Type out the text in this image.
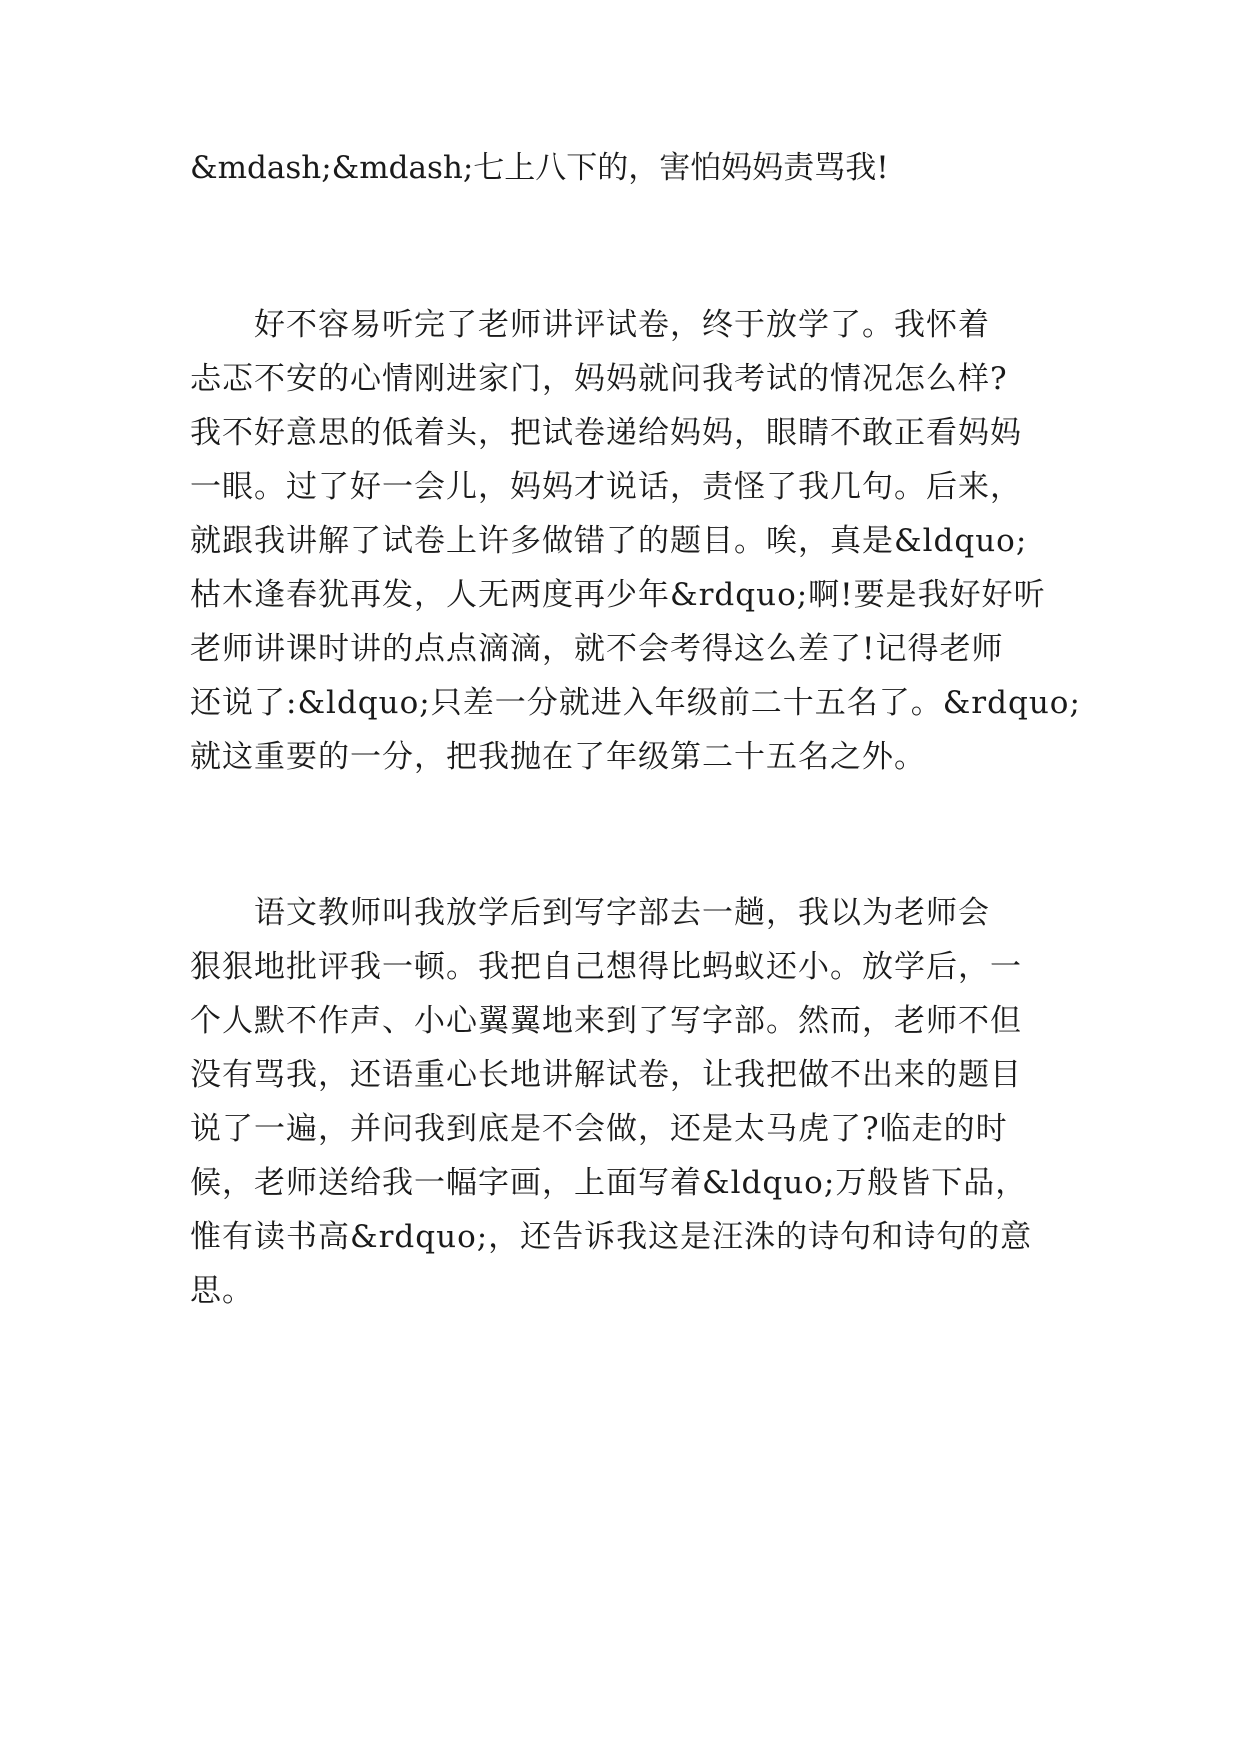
&mdash;&mdash;七上八下的，害怕妈妈责骂我!
　　好不容易听完了老师讲评试卷，终于放学了。我怀着
忐忑不安的心情刚进家门，妈妈就问我考试的情况怎么样?
我不好意思的低着头，把试卷递给妈妈，眼睛不敢正看妈妈
一眼。过了好一会儿，妈妈才说话，责怪了我几句。后来，
就跟我讲解了试卷上许多做错了的题目。唉，真是&ldquo;
枯木逢春犹再发，人无两度再少年&rdquo;啊!要是我好好听
老师讲课时讲的点点滴滴，就不会考得这么差了!记得老师
还说了:&ldquo;只差一分就进入年级前二十五名了。&rdquo;
就这重要的一分，把我抛在了年级第二十五名之外。
　　语文教师叫我放学后到写字部去一趟，我以为老师会
狠狠地批评我一顿。我把自己想得比蚂蚁还小。放学后，一
个人默不作声、小心翼翼地来到了写字部。然而，老师不但
没有骂我，还语重心长地讲解试卷，让我把做不出来的题目
说了一遍，并问我到底是不会做，还是太马虎了?临走的时
候，老师送给我一幅字画，上面写着&ldquo;万般皆下品，
惟有读书高&rdquo;，还告诉我这是汪洙的诗句和诗句的意
思。
